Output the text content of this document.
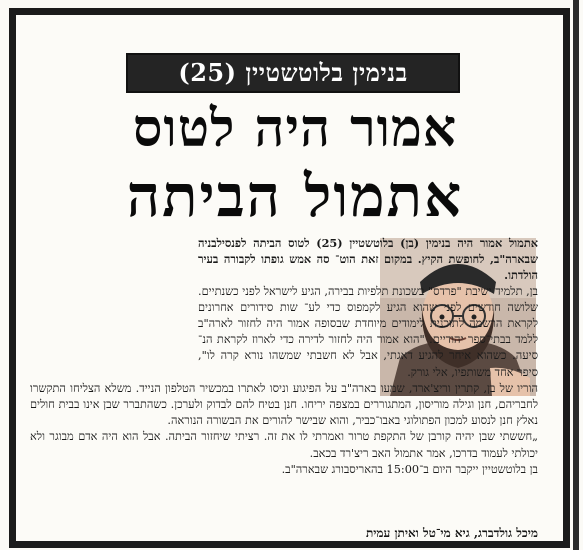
בנימין בלוטשטיין (25)
אמור היה לטוס
אתמול הביתה

אתמול אמור היה בנימין (בן) בלוטשטיין (25) לטוס הביתה לפנסילבניה שבארה"ב, לחופשת הקיץ. במקום זאת הוט־ סה אמש גופתו לקבורה בעיר הולדתו.

בן, תלמיד ישיבת "פרדס" בשכונת תלפיות בבירה, הגיע לישראל לפני כשנתיים. שלושה חודשים לפני שהוא הגיע לקמפוס כדי לע־ שות סידורים אחרונים לקראת הרשמה לתוכנית לימודים מיוחדת שבסופה אמור היה לחזור לארה"ב ללמד בבתי־ספר יהודיים. "הוא אמור היה לחזור לדירה כדי לארוז לקראת הנ־ סיעה. כשהוא איחר להגיע דאגתי, אבל לא חשבתי שמשהו נורא קרה לו", סיפר אחד משותפיו, אלי גורק.

הוריו של בן, קתרין וריצ'ארד, שמעו בארה"ב על הפיגוע וניסו לאתרו במכשיר הטלפון הנייד. משלא הצליחו התקשרו לחבריהם, חנן וגילה מוריסון, המתגוררים במצפה יריחו. חנן בטיח להם לבדוק ולערכן. כשהתברר שבן אינו בבית חולים נאלץ חנן לנסוע למכון הפתולוגי באבו־כביר, והוא שבישר להורים את הבשורה הנוראה.

„חששתי שבן יהיה קורבן של התקפת טרור ואמרתי לו את זה. רציתי שיחזור הביתה. אבל הוא היה אדם מבוגר ולא יכולתי לעמוד בדרכו, אמר אתמול האב ריצ'רד בכאב.

בן בלוטשטיין ייקבר היום ב־15:00 בהאריסבורג שבארה"ב.

מיכל גולדברג, גיא מי־טל ואיתן עמית
